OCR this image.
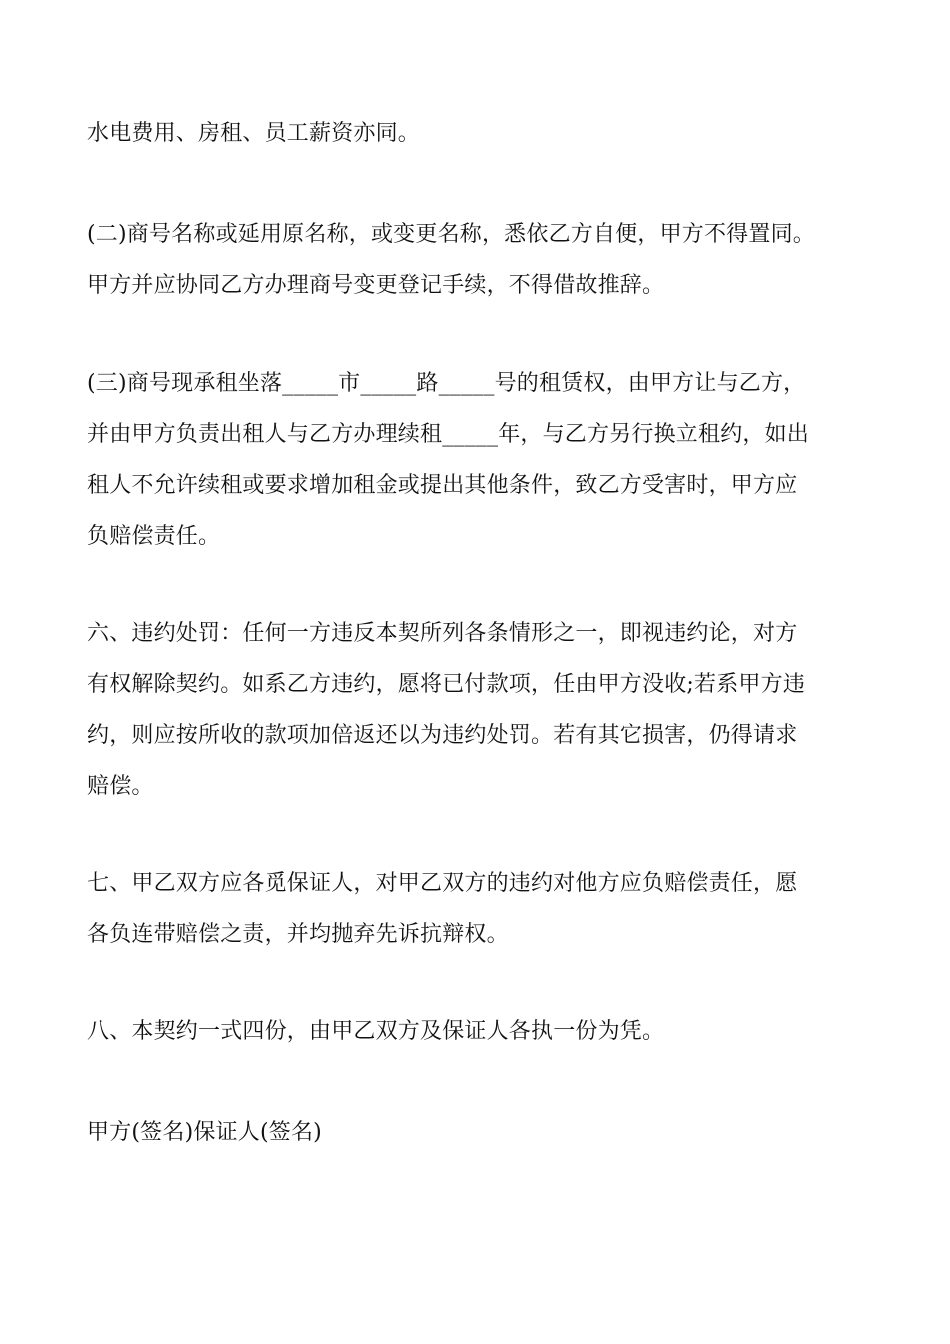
水电费用、房租、员工薪资亦同。
(二)商号名称或延用原名称，或变更名称，悉依乙方自便，甲方不得置同。
甲方并应协同乙方办理商号变更登记手续，不得借故推辞。
(三)商号现承租坐落_____市_____路_____号的租赁权，由甲方让与乙方，
并由甲方负责出租人与乙方办理续租_____年，与乙方另行换立租约，如出
租人不允许续租或要求增加租金或提出其他条件，致乙方受害时，甲方应
负赔偿责任。
六、违约处罚：任何一方违反本契所列各条情形之一，即视违约论，对方
有权解除契约。如系乙方违约，愿将已付款项，任由甲方没收;若系甲方违
约，则应按所收的款项加倍返还以为违约处罚。若有其它损害，仍得请求
赔偿。
七、甲乙双方应各觅保证人，对甲乙双方的违约对他方应负赔偿责任，愿
各负连带赔偿之责，并均抛弃先诉抗辩权。
八、本契约一式四份，由甲乙双方及保证人各执一份为凭。
甲方(签名)保证人(签名)
